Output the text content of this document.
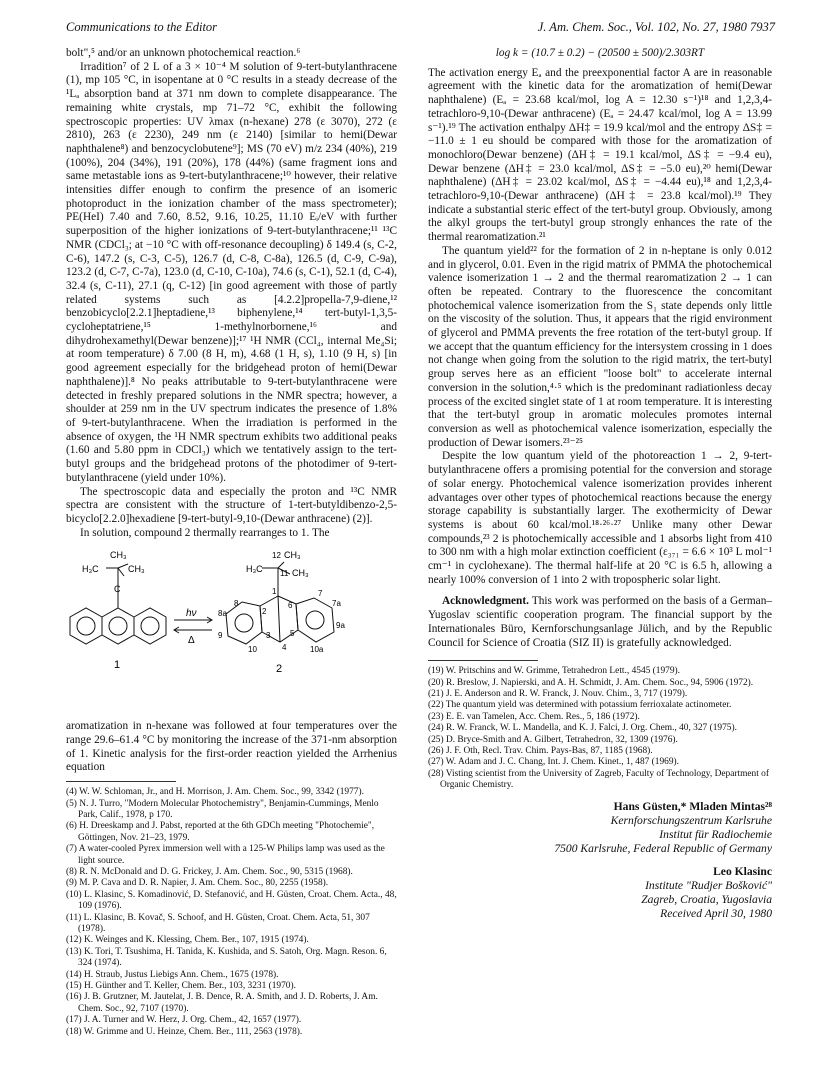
Communications to the Editor	J. Am. Chem. Soc., Vol. 102, No. 27, 1980 7937

bolt",⁵ and/or an unknown photochemical reaction.⁶

Irradition⁷ of 2 L of a 3 × 10⁻⁴ M solution of 9-tert-butylanthracene (1), mp 105 °C, in isopentane at 0 °C results in a steady decrease of the ¹Lₐ absorption band at 371 nm down to complete disappearance. The remaining white crystals, mp 71–72 °C, exhibit the following spectroscopic properties: UV λmax (n-hexane) 278 (ε 3070), 272 (ε 2810), 263 (ε 2230), 249 nm (ε 2140) [similar to hemi(Dewar naphthalene⁸) and benzocyclobutene⁹]; MS (70 eV) m/z 234 (40%), 219 (100%), 204 (34%), 191 (20%), 178 (44%) (same fragment ions and same metastable ions as 9-tert-butylanthracene;¹⁰ however, their relative intensities differ enough to confirm the presence of an isomeric photoproduct in the ionization chamber of the mass spectrometer); PE(HeI) 7.40 and 7.60, 8.52, 9.16, 10.25, 11.10 Eᵢ/eV with further superposition of the higher ionizations of 9-tert-butylanthracene;¹¹ ¹³C NMR (CDCl₃; at −10 °C with off-resonance decoupling) δ 149.4 (s, C-2, C-6), 147.2 (s, C-3, C-5), 126.7 (d, C-8, C-8a), 126.5 (d, C-9, C-9a), 123.2 (d, C-7, C-7a), 123.0 (d, C-10, C-10a), 74.6 (s, C-1), 52.1 (d, C-4), 32.4 (s, C-11), 27.1 (q, C-12) [in good agreement with those of partly related systems such as [4.2.2]propella-7,9-diene,¹² benzobicyclo[2.2.1]heptadiene,¹³ biphenylene,¹⁴ tert-butyl-1,3,5-cycloheptatriene,¹⁵ 1-methylnorbornene,¹⁶ and dihydrohexamethyl(Dewar benzene)];¹⁷ ¹H NMR (CCl₄, internal Me₄Si; at room temperature) δ 7.00 (8 H, m), 4.68 (1 H, s), 1.10 (9 H, s) [in good agreement especially for the bridgehead proton of hemi(Dewar naphthalene)].⁸ No peaks attributable to 9-tert-butylanthracene were detected in freshly prepared solutions in the NMR spectra; however, a shoulder at 259 nm in the UV spectrum indicates the presence of 1.8% of 9-tert-butylanthracene. When the irradiation is performed in the absence of oxygen, the ¹H NMR spectrum exhibits two additional peaks (1.60 and 5.80 ppm in CDCl₃) which we tentatively assign to the tert-butyl groups and the bridgehead protons of the photodimer of 9-tert-butylanthracene (yield under 10%).

The spectroscopic data and especially the proton and ¹³C NMR spectra are consistent with the structure of 1-tert-butyldibenzo-2,5-bicyclo[2.2.0]hexadiene [9-tert-butyl-9,10-(Dewar anthracene) (2)].

In solution, compound 2 thermally rearranges to 1. The

H₃C
CH₃
CH₃
C
1
hν
Δ
H₃C
12 CH₃
11 CH₃
1
2
3
4
5
6
7
7a
8
8a
9
9a
10	10a
2

aromatization in n-hexane was followed at four temperatures over the range 29.6–61.4 °C by monitoring the increase of the 371-nm absorption of 1. Kinetic analysis for the first-order reaction yielded the Arrhenius equation

(4) W. W. Schloman, Jr., and H. Morrison, J. Am. Chem. Soc., 99, 3342 (1977).
(5) N. J. Turro, "Modern Molecular Photochemistry", Benjamin-Cummings, Menlo Park, Calif., 1978, p 170.
(6) H. Dreeskamp and J. Pabst, reported at the 6th GDCh meeting "Photochemie", Göttingen, Nov. 21–23, 1979.
(7) A water-cooled Pyrex immersion well with a 125-W Philips lamp was used as the light source.
(8) R. N. McDonald and D. G. Frickey, J. Am. Chem. Soc., 90, 5315 (1968).
(9) M. P. Cava and D. R. Napier, J. Am. Chem. Soc., 80, 2255 (1958).
(10) L. Klasinc, S. Komadinović, D. Stefanović, and H. Güsten, Croat. Chem. Acta., 48, 109 (1976).
(11) L. Klasinc, B. Kovač, S. Schoof, and H. Güsten, Croat. Chem. Acta, 51, 307 (1978).
(12) K. Weinges and K. Klessing, Chem. Ber., 107, 1915 (1974).
(13) K. Tori, T. Tsushima, H. Tanida, K. Kushida, and S. Satoh, Org. Magn. Reson. 6, 324 (1974).
(14) H. Straub, Justus Liebigs Ann. Chem., 1675 (1978).
(15) H. Günther and T. Keller, Chem. Ber., 103, 3231 (1970).
(16) J. B. Grutzner, M. Jautelat, J. B. Dence, R. A. Smith, and J. D. Roberts, J. Am. Chem. Soc., 92, 7107 (1970).
(17) J. A. Turner and W. Herz, J. Org. Chem., 42, 1657 (1977).
(18) W. Grimme and U. Heinze, Chem. Ber., 111, 2563 (1978).

log k = (10.7 ± 0.2) − (20500 ± 500)/2.303RT

The activation energy Eₐ and the preexponential factor A are in reasonable agreement with the kinetic data for the aromatization of hemi(Dewar naphthalene) (Eₐ = 23.68 kcal/mol, log A = 12.30 s⁻¹)¹⁸ and 1,2,3,4-tetrachloro-9,10-(Dewar anthracene) (Eₐ = 24.47 kcal/mol, log A = 13.99 s⁻¹).¹⁹ The activation enthalpy ΔH‡ = 19.9 kcal/mol and the entropy ΔS‡ = −11.0 ± 1 eu should be compared with those for the aromatization of monochloro(Dewar benzene) (ΔH‡ = 19.1 kcal/mol, ΔS‡ = −9.4 eu), Dewar benzene (ΔH‡ = 23.0 kcal/mol, ΔS‡ = −5.0 eu),²⁰ hemi(Dewar naphthalene) (ΔH‡ = 23.02 kcal/mol, ΔS‡ = −4.44 eu),¹⁸ and 1,2,3,4-tetrachloro-9,10-(Dewar anthracene) (ΔH‡ = 23.8 kcal/mol).¹⁹ They indicate a substantial steric effect of the tert-butyl group. Obviously, among the alkyl groups the tert-butyl group strongly enhances the rate of the thermal rearomatization.²¹

The quantum yield²² for the formation of 2 in n-heptane is only 0.012 and in glycerol, 0.01. Even in the rigid matrix of PMMA the photochemical valence isomerization 1 → 2 and the thermal rearomatization 2 → 1 can often be repeated. Contrary to the fluorescence the concomitant photochemical valence isomerization from the S₁ state depends only little on the viscosity of the solution. Thus, it appears that the rigid environment of glycerol and PMMA prevents the free rotation of the tert-butyl group. If we accept that the quantum efficiency for the intersystem crossing in 1 does not change when going from the solution to the rigid matrix, the tert-butyl group serves here as an efficient "loose bolt" to accelerate internal conversion in the solution,⁴·⁵ which is the predominant radiationless decay process of the excited singlet state of 1 at room temperature. It is interesting that the tert-butyl group in aromatic molecules promotes internal conversion as well as photochemical valence isomerization, especially the production of Dewar isomers.²³⁻²⁵

Despite the low quantum yield of the photoreaction 1 → 2, 9-tert-butylanthracene offers a promising potential for the conversion and storage of solar energy. Photochemical valence isomerization provides inherent advantages over other types of photochemical reactions because the energy storage capability is substantially larger. The exothermicity of Dewar systems is about 60 kcal/mol.¹⁸·²⁶·²⁷ Unlike many other Dewar compounds,²³ 2 is photochemically accessible and 1 absorbs light from 410 to 300 nm with a high molar extinction coefficient (ε₃₇₁ = 6.6 × 10³ L mol⁻¹ cm⁻¹ in cyclohexane). The thermal half-life at 20 °C is 6.5 h, allowing a nearly 100% conversion of 1 into 2 with tropospheric solar light.

Acknowledgment. This work was performed on the basis of a German–Yugoslav scientific cooperation program. The financial support by the Internationales Büro, Kernforschungsanlage Jülich, and by the Republic Council for Science of Croatia (SIZ II) is gratefully acknowledged.

(19) W. Pritschins and W. Grimme, Tetrahedron Lett., 4545 (1979).
(20) R. Breslow, J. Napierski, and A. H. Schmidt, J. Am. Chem. Soc., 94, 5906 (1972).
(21) J. E. Anderson and R. W. Franck, J. Nouv. Chim., 3, 717 (1979).
(22) The quantum yield was determined with potassium ferrioxalate actinometer.
(23) E. E. van Tamelen, Acc. Chem. Res., 5, 186 (1972).
(24) R. W. Franck, W. L. Mandella, and K. J. Falci, J. Org. Chem., 40, 327 (1975).
(25) D. Bryce-Smith and A. Gilbert, Tetrahedron, 32, 1309 (1976).
(26) J. F. Oth, Recl. Trav. Chim. Pays-Bas, 87, 1185 (1968).
(27) W. Adam and J. C. Chang, Int. J. Chem. Kinet., 1, 487 (1969).
(28) Visting scientist from the University of Zagreb, Faculty of Technology, Department of Organic Chemistry.
Hans Güsten,* Mladen Mintas²⁸
Kernforschungszentrum Karlsruhe
Institut für Radiochemie
7500 Karlsruhe, Federal Republic of Germany
Leo Klasinc
Institute "Rudjer Bošković"
Zagreb, Croatia, Yugoslavia
Received April 30, 1980
